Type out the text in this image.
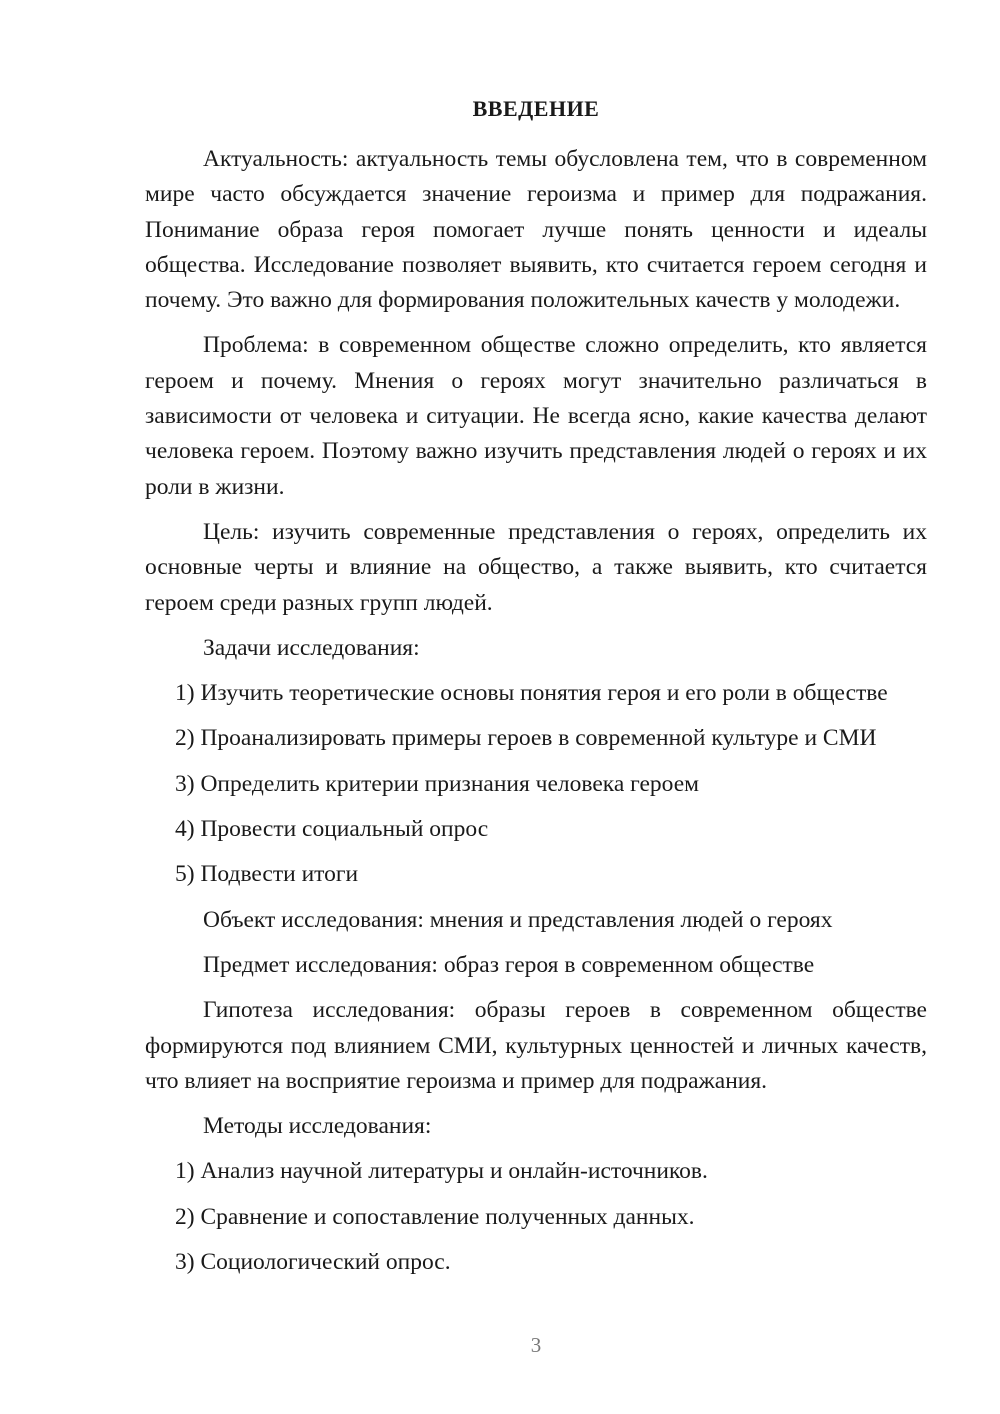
ВВЕДЕНИЕ

Актуальность: актуальность темы обусловлена тем, что в современном мире часто обсуждается значение героизма и пример для подражания. Понимание образа героя помогает лучше понять ценности и идеалы общества. Исследование позволяет выявить, кто считается героем сегодня и почему. Это важно для формирования положительных качеств у молодежи.

Проблема: в современном обществе сложно определить, кто является героем и почему. Мнения о героях могут значительно различаться в зависимости от человека и ситуации. Не всегда ясно, какие качества делают человека героем. Поэтому важно изучить представления людей о героях и их роли в жизни.

Цель: изучить современные представления о героях, определить их основные черты и влияние на общество, а также выявить, кто считается героем среди разных групп людей.

Задачи исследования:
1) Изучить теоретические основы понятия героя и его роли в обществе
2) Проанализировать примеры героев в современной культуре и СМИ
3) Определить критерии признания человека героем
4) Провести социальный опрос
5) Подвести итоги
Объект исследования: мнения и представления людей о героях
Предмет исследования: образ героя в современном обществе

Гипотеза исследования: образы героев в современном обществе формируются под влиянием СМИ, культурных ценностей и личных качеств, что влияет на восприятие героизма и пример для подражания.

Методы исследования:
1) Анализ научной литературы и онлайн-источников.
2) Сравнение и сопоставление полученных данных.
3) Социологический опрос.
3
